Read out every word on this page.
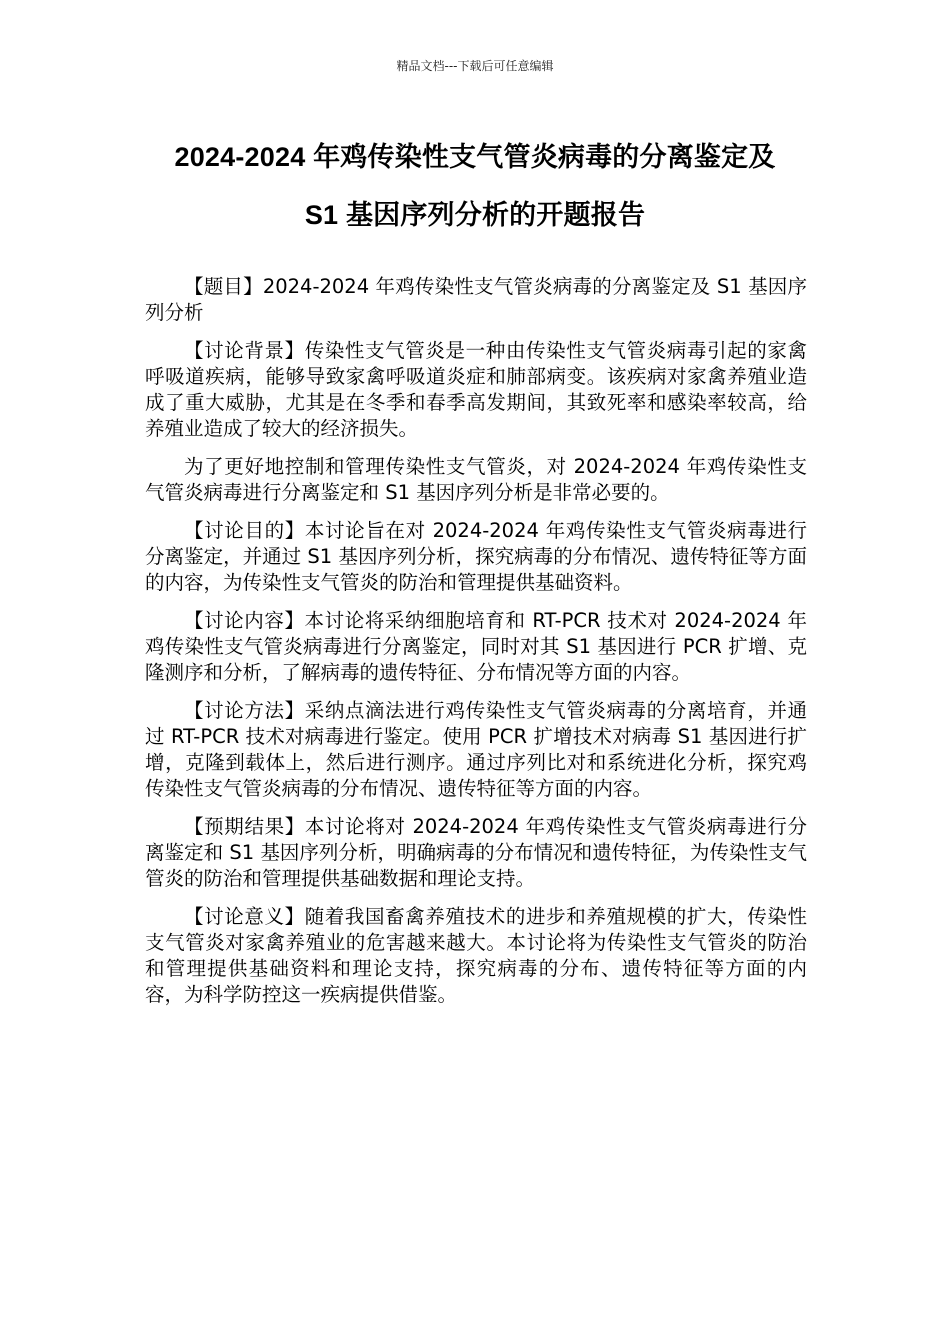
精品文档---下载后可任意编辑
2024-2024 年鸡传染性支气管炎病毒的分离鉴定及
S1 基因序列分析的开题报告

【题目】2024-2024 年鸡传染性支气管炎病毒的分离鉴定及 S1 基因序列分析

【讨论背景】传染性支气管炎是一种由传染性支气管炎病毒引起的家禽呼吸道疾病，能够导致家禽呼吸道炎症和肺部病变。该疾病对家禽养殖业造成了重大威胁，尤其是在冬季和春季高发期间，其致死率和感染率较高，给养殖业造成了较大的经济损失。

为了更好地控制和管理传染性支气管炎，对 2024-2024 年鸡传染性支气管炎病毒进行分离鉴定和 S1 基因序列分析是非常必要的。

【讨论目的】本讨论旨在对 2024-2024 年鸡传染性支气管炎病毒进行分离鉴定，并通过 S1 基因序列分析，探究病毒的分布情况、遗传特征等方面的内容，为传染性支气管炎的防治和管理提供基础资料。

【讨论内容】本讨论将采纳细胞培育和 RT-PCR 技术对 2024-2024 年鸡传染性支气管炎病毒进行分离鉴定，同时对其 S1 基因进行 PCR 扩增、克隆测序和分析，了解病毒的遗传特征、分布情况等方面的内容。

【讨论方法】采纳点滴法进行鸡传染性支气管炎病毒的分离培育，并通过 RT-PCR 技术对病毒进行鉴定。使用 PCR 扩增技术对病毒 S1 基因进行扩增，克隆到载体上，然后进行测序。通过序列比对和系统进化分析，探究鸡传染性支气管炎病毒的分布情况、遗传特征等方面的内容。

【预期结果】本讨论将对 2024-2024 年鸡传染性支气管炎病毒进行分离鉴定和 S1 基因序列分析，明确病毒的分布情况和遗传特征，为传染性支气管炎的防治和管理提供基础数据和理论支持。

【讨论意义】随着我国畜禽养殖技术的进步和养殖规模的扩大，传染性支气管炎对家禽养殖业的危害越来越大。本讨论将为传染性支气管炎的防治和管理提供基础资料和理论支持，探究病毒的分布、遗传特征等方面的内容，为科学防控这一疾病提供借鉴。
